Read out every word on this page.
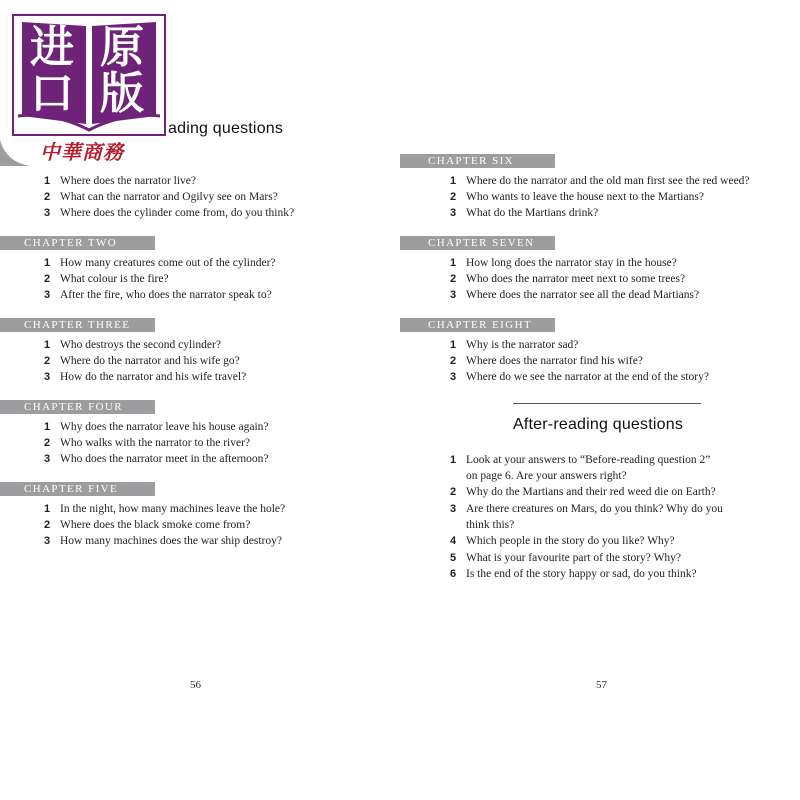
进
口
原
版
中華商務
ading questions
1 Where does the narrator live?
2 What can the narrator and Ogilvy see on Mars?
3 Where does the cylinder come from, do you think?
CHAPTER TWO
1 How many creatures come out of the cylinder?
2 What colour is the fire?
3 After the fire, who does the narrator speak to?
CHAPTER THREE
1 Who destroys the second cylinder?
2 Where do the narrator and his wife go?
3 How do the narrator and his wife travel?
CHAPTER FOUR
1 Why does the narrator leave his house again?
2 Who walks with the narrator to the river?
3 Who does the narrator meet in the afternoon?
CHAPTER FIVE
1 In the night, how many machines leave the hole?
2 Where does the black smoke come from?
3 How many machines does the war ship destroy?
56
CHAPTER SIX
1 Where do the narrator and the old man first see the red weed?
2 Who wants to leave the house next to the Martians?
3 What do the Martians drink?
CHAPTER SEVEN
1 How long does the narrator stay in the house?
2 Who does the narrator meet next to some trees?
3 Where does the narrator see all the dead Martians?
CHAPTER EIGHT
1 Why is the narrator sad?
2 Where does the narrator find his wife?
3 Where do we see the narrator at the end of the story?
After-reading questions
1 Look at your answers to “Before-reading question 2”
on page 6. Are your answers right?
2 Why do the Martians and their red weed die on Earth?
3 Are there creatures on Mars, do you think? Why do you
think this?
4 Which people in the story do you like? Why?
5 What is your favourite part of the story? Why?
6 Is the end of the story happy or sad, do you think?
57
